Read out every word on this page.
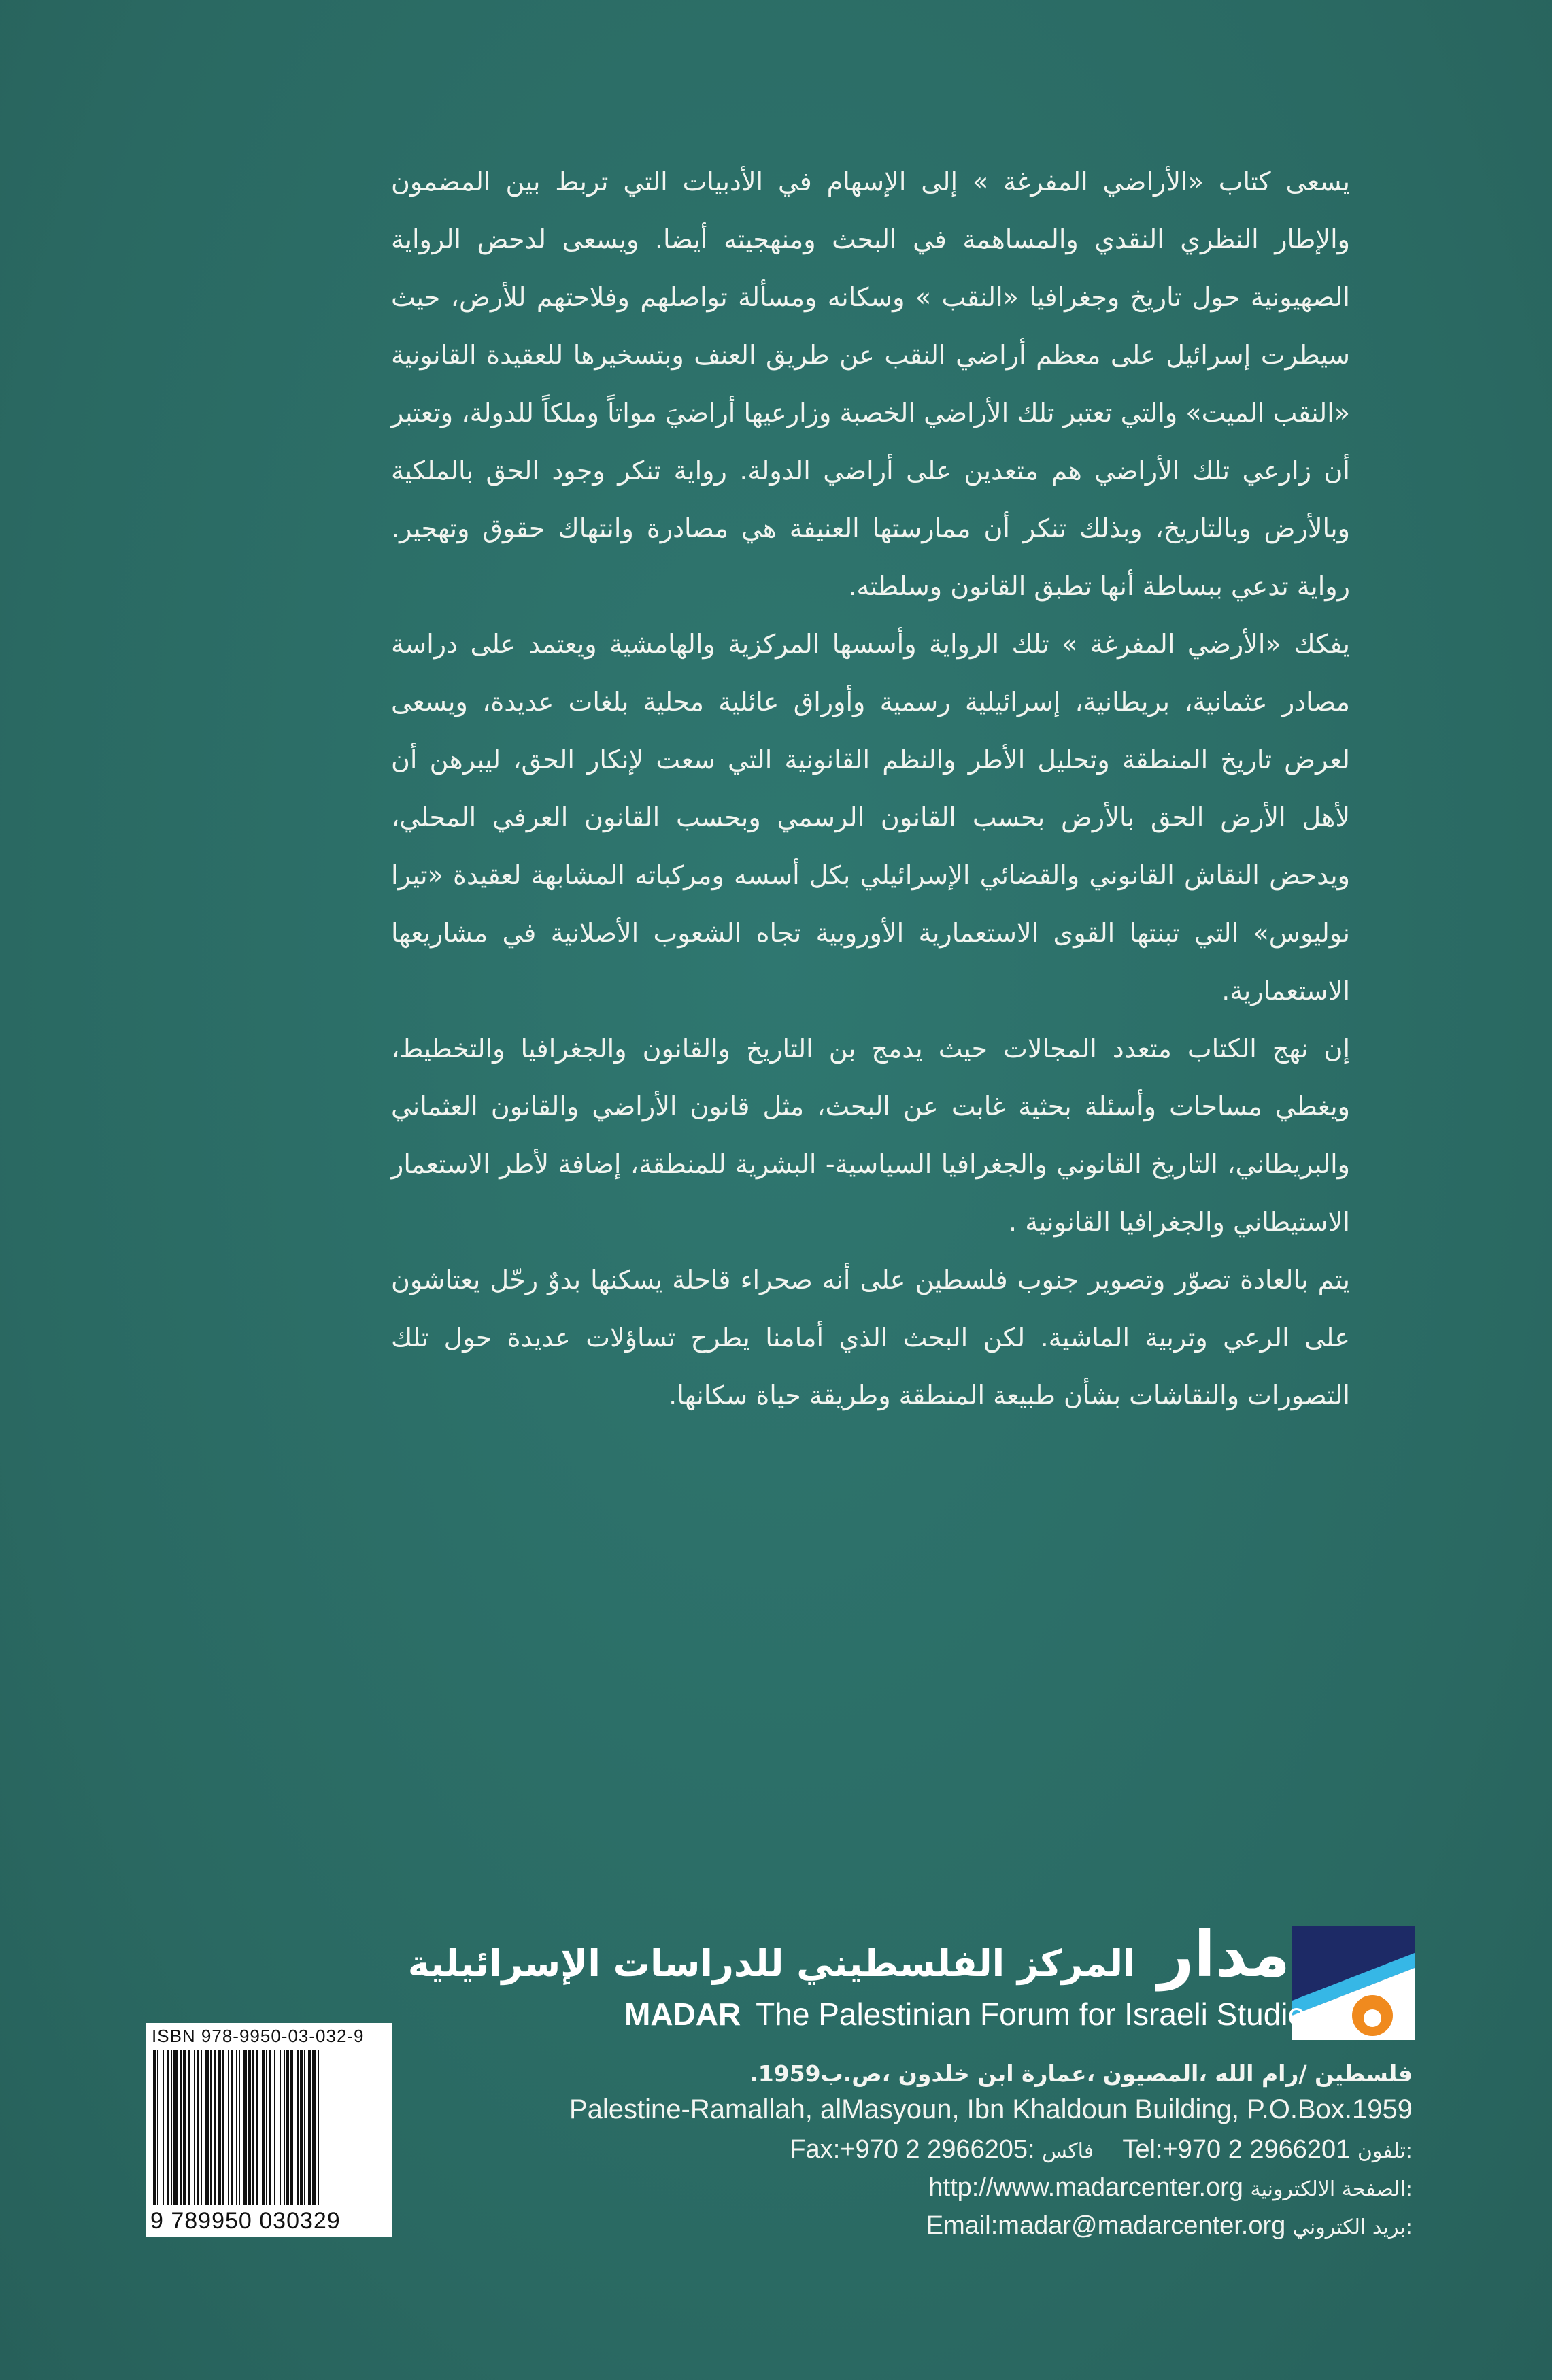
يسعى كتاب «الأراضي المفرغة » إلى الإسهام في الأدبيات التي تربط بين المضمون والإطار النظري النقدي والمساهمة في البحث ومنهجيته أيضا. ويسعى لدحض الرواية الصهيونية حول تاريخ وجغرافيا «النقب » وسكانه ومسألة تواصلهم وفلاحتهم للأرض، حيث سيطرت إسرائيل على معظم أراضي النقب عن طريق العنف وبتسخيرها للعقيدة القانونية «النقب الميت» والتي تعتبر تلك الأراضي الخصبة وزارعيها أراضيَ مواتاً وملكاً للدولة، وتعتبر أن زارعي تلك الأراضي هم متعدين على أراضي الدولة. رواية تنكر وجود الحق بالملكية وبالأرض وبالتاريخ، وبذلك تنكر أن ممارستها العنيفة هي مصادرة وانتهاك حقوق وتهجير. رواية تدعي ببساطة أنها تطبق القانون وسلطته.

يفكك «الأرضي المفرغة » تلك الرواية وأسسها المركزية والهامشية ويعتمد على دراسة مصادر عثمانية، بريطانية، إسرائيلية رسمية وأوراق عائلية محلية بلغات عديدة، ويسعى لعرض تاريخ المنطقة وتحليل الأطر والنظم القانونية التي سعت لإنكار الحق، ليبرهن أن لأهل الأرض الحق بالأرض بحسب القانون الرسمي وبحسب القانون العرفي المحلي، ويدحض النقاش القانوني والقضائي الإسرائيلي بكل أسسه ومركباته المشابهة لعقيدة «تيرا نوليوس» التي تبنتها القوى الاستعمارية الأوروبية تجاه الشعوب الأصلانية في مشاريعها الاستعمارية.

إن نهج الكتاب متعدد المجالات حيث يدمج بن التاريخ والقانون والجغرافيا والتخطيط، ويغطي مساحات وأسئلة بحثية غابت عن البحث، مثل قانون الأراضي والقانون العثماني والبريطاني، التاريخ القانوني والجغرافيا السياسية- البشرية للمنطقة، إضافة لأطر الاستعمار الاستيطاني والجغرافيا القانونية .

يتم بالعادة تصوّر وتصوير جنوب فلسطين على أنه صحراء قاحلة يسكنها بدوٌ رحّل يعتاشون على الرعي وتربية الماشية. لكن البحث الذي أمامنا يطرح تساؤلات عديدة حول تلك التصورات والنقاشات بشأن طبيعة المنطقة وطريقة حياة سكانها.

مدار المركز الفلسطيني للدراسات الإسرائيلية
MADAR The Palestinian Forum for Israeli Studies
فلسطين /رام الله ،المصيون ،عمارة ابن خلدون ،ص.ب1959.
Palestine-Ramallah, alMasyoun, Ibn Khaldoun Building, P.O.Box.1959
Fax:+970 2 2966205: فاكس Tel:+970 2 2966201 تلفون:
http://www.madarcenter.org الصفحة الالكترونية:
Email:madar@madarcenter.org بريد الكتروني:
ISBN 978-9950-03-032-9
9 789950 030329
